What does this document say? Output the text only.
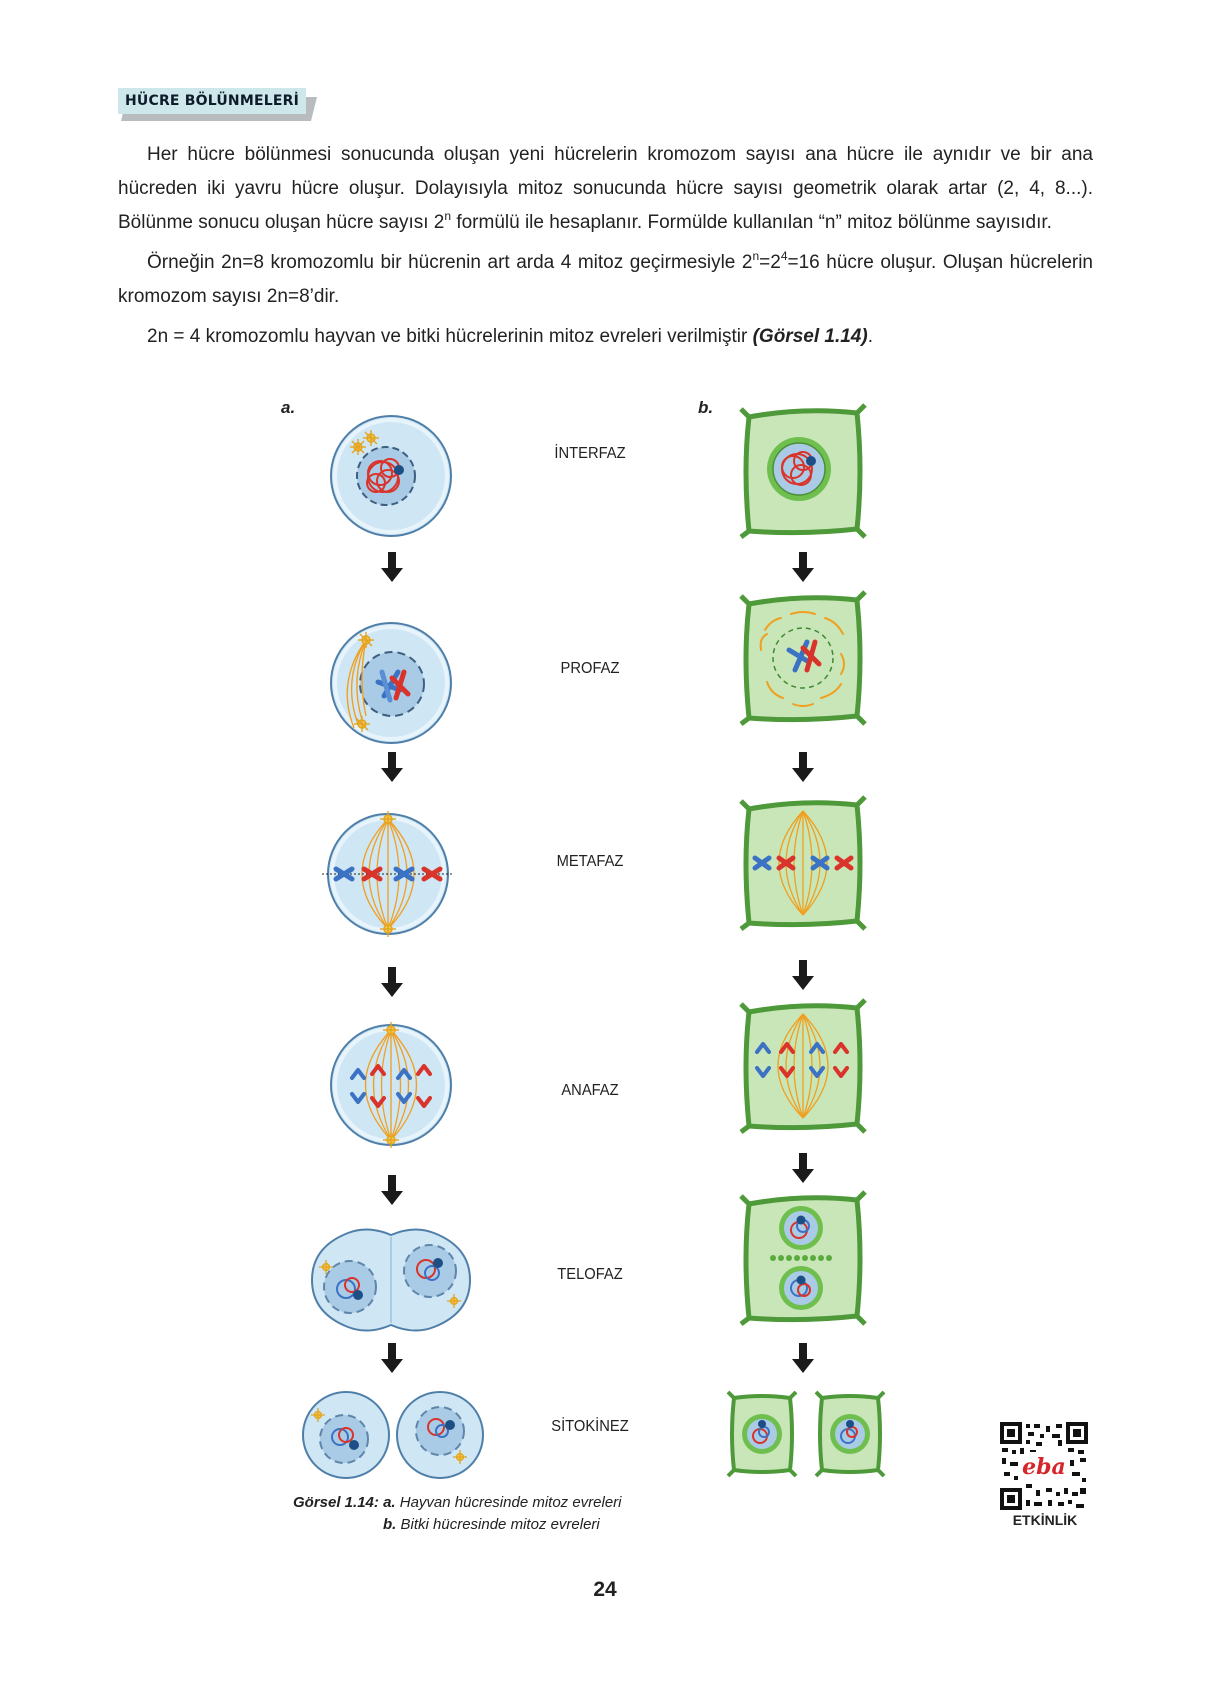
HÜCRE BÖLÜNMELERİ

Her hücre bölünmesi sonucunda oluşan yeni hücrelerin kromozom sayısı ana hücre ile aynıdır ve bir ana hücreden iki yavru hücre oluşur. Dolayısıyla mitoz sonucunda hücre sayısı geometrik olarak artar (2, 4, 8...). Bölünme sonucu oluşan hücre sayısı 2$^n$ formülü ile hesaplanır. Formülde kullanılan “n” mitoz bölünme sayısıdır.

Örneğin 2n=8 kromozomlu bir hücrenin art arda 4 mitoz geçirmesiyle $2^n=2^4=16$ hücre oluşur. Oluşan hücrelerin kromozom sayısı 2n=8’dir.

2n = 4 kromozomlu hayvan ve bitki hücrelerinin mitoz evreleri verilmiştir (Görsel 1.14).

a.	b.
İNTERFAZ
PROFAZ
METAFAZ
ANAFAZ
TELOFAZ
SİTOKİNEZ
Görsel 1.14: a. Hayvan hücresinde mitoz evreleri
b. Bitki hücresinde mitoz evreleri
eba
ETKİNLİK
24
